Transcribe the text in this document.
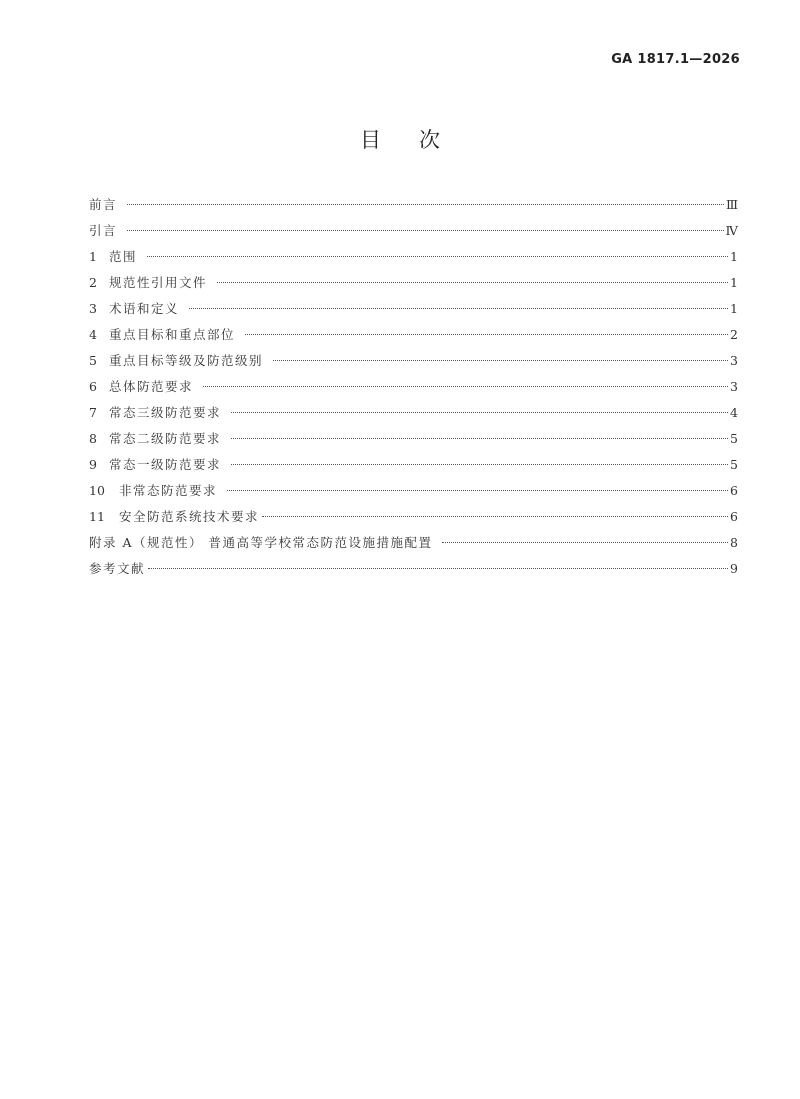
GA 1817.1—2026
目次
前言	Ⅲ
引言	Ⅳ
1 范围	1
2 规范性引用文件	1
3 术语和定义	1
4 重点目标和重点部位	2
5 重点目标等级及防范级别	3
6 总体防范要求	3
7 常态三级防范要求	4
8 常态二级防范要求	5
9 常态一级防范要求	5
10	非常态防范要求	6
11	安全防范系统技术要求	6
附录 A（规范性） 普通高等学校常态防范设施措施配置	8
参考文献	9
